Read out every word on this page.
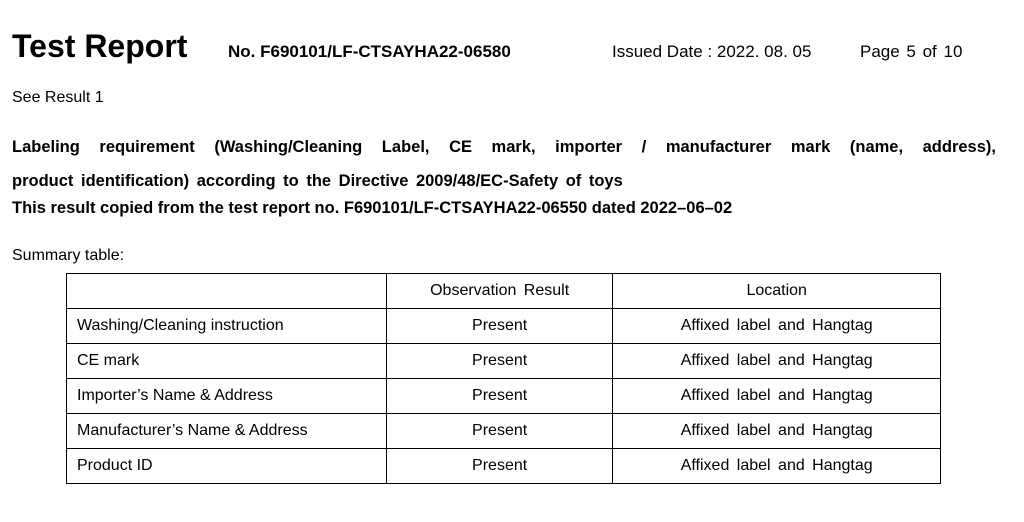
Test Report No. F690101/LF-CTSAYHA22-06580	Issued Date : 2022. 08. 05	Page 5 of 10
See Result 1
Labeling requirement (Washing/Cleaning Label, CE mark, importer / manufacturer mark (name, address),
product identification) according to the Directive 2009/48/EC-Safety of toys
This result copied from the test report no. F690101/LF-CTSAYHA22-06550 dated 2022–06–02
Summary table:
	Observation Result	Location
Washing/Cleaning instruction	Present	Affixed label and Hangtag
CE mark	Present	Affixed label and Hangtag
Importer’s Name & Address	Present	Affixed label and Hangtag
Manufacturer’s Name & Address	Present	Affixed label and Hangtag
Product ID	Present	Affixed label and Hangtag
